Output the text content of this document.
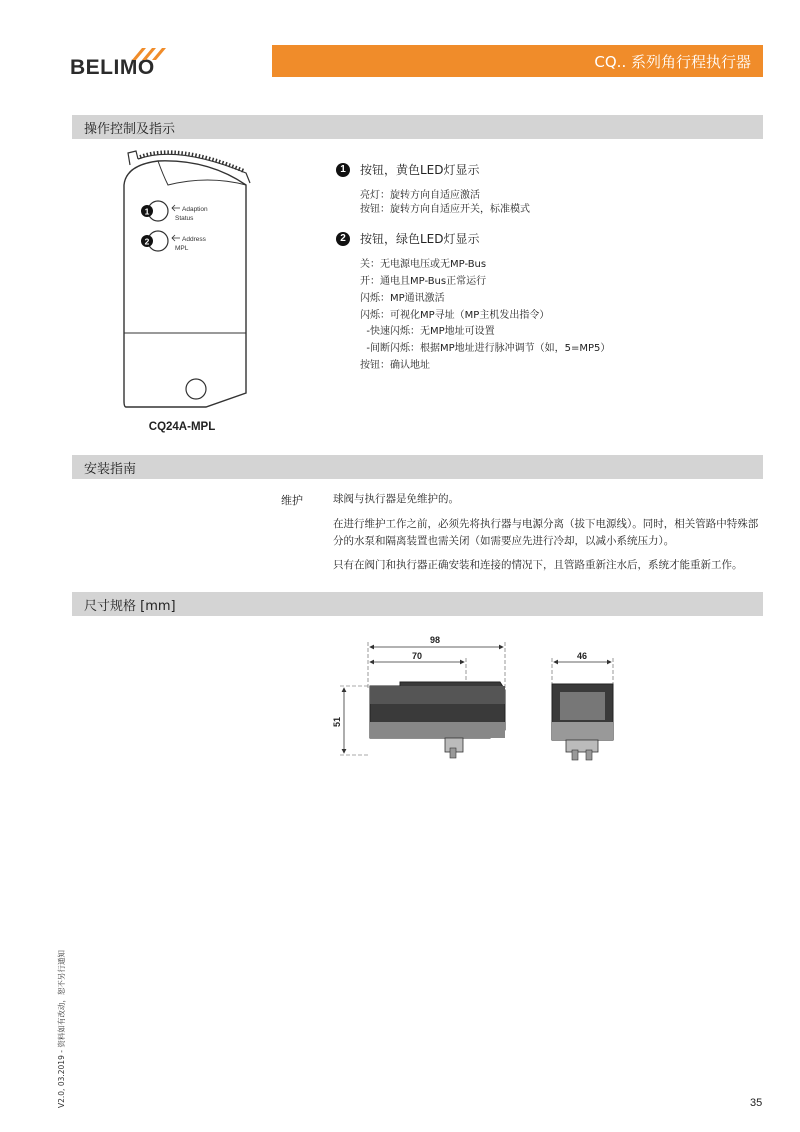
BELIMO	CQ.. 系列角行程执行器
操作控制及指示
1
2
Adaption
Status
Address
MPL
CQ24A-MPL
1	按钮，黄色LED灯显示
亮灯：旋转方向自适应激活
按钮：旋转方向自适应开关，标准模式
2	按钮，绿色LED灯显示
关：无电源电压或无MP-Bus
开：通电且MP-Bus正常运行
闪烁：MP通讯激活
闪烁：可视化MP寻址（MP主机发出指令）
-快速闪烁：无MP地址可设置
-间断闪烁：根据MP地址进行脉冲调节（如，5=MP5）
按钮：确认地址
安装指南
维护	球阀与执行器是免维护的。
在进行维护工作之前，必须先将执行器与电源分离（拔下电源线）。同时，相关管路中特殊部分的水泵和隔离装置也需关闭（如需要应先进行冷却，以减小系统压力）。
只有在阀门和执行器正确安装和连接的情况下，且管路重新注水后，系统才能重新工作。
尺寸规格 [mm]
98
70
51
46
V2.0, 03.2019 - 资料如有改动，恕不另行通知	35
